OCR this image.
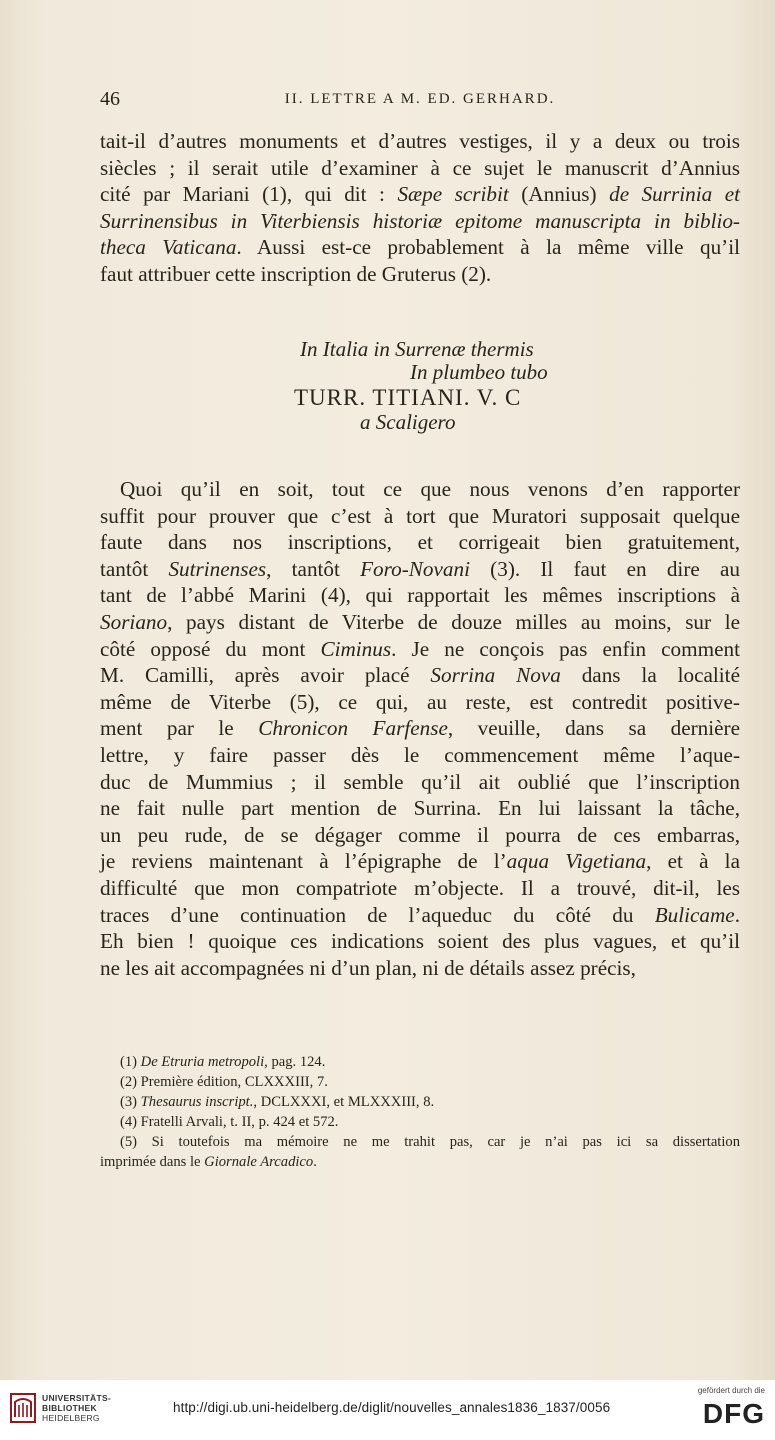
46	II. LETTRE A M. ED. GERHARD.
tait-il d’autres monuments et d’autres vestiges, il y a deux ou trois
siècles ; il serait utile d’examiner à ce sujet le manuscrit d’Annius
cité par Mariani (1), qui dit : Sæpe scribit (Annius) de Surrinia et
Surrinensibus in Viterbiensis historiæ epitome manuscripta in biblio-
theca Vaticana. Aussi est-ce probablement à la même ville qu’il
faut attribuer cette inscription de Gruterus (2).
In Italia in Surrenæ thermis
In plumbeo tubo
TURR. TITIANI. V. C
a Scaligero
Quoi qu’il en soit, tout ce que nous venons d’en rapporter
suffit pour prouver que c’est à tort que Muratori supposait quelque
faute dans nos inscriptions, et corrigeait bien gratuitement,
tantôt Sutrinenses, tantôt Foro-Novani (3). Il faut en dire au
tant de l’abbé Marini (4), qui rapportait les mêmes inscriptions à
Soriano, pays distant de Viterbe de douze milles au moins, sur le
côté opposé du mont Ciminus. Je ne conçois pas enfin comment
M. Camilli, après avoir placé Sorrina Nova dans la localité
même de Viterbe (5), ce qui, au reste, est contredit positive-
ment par le Chronicon Farfense, veuille, dans sa dernière
lettre, y faire passer dès le commencement même l’aque-
duc de Mummius ; il semble qu’il ait oublié que l’inscription
ne fait nulle part mention de Surrina. En lui laissant la tâche,
un peu rude, de se dégager comme il pourra de ces embarras,
je reviens maintenant à l’épigraphe de l’aqua Vigetiana, et à la
difficulté que mon compatriote m’objecte. Il a trouvé, dit-il, les
traces d’une continuation de l’aqueduc du côté du Bulicame.
Eh bien ! quoique ces indications soient des plus vagues, et qu’il
ne les ait accompagnées ni d’un plan, ni de détails assez précis,
(1) De Etruria metropoli, pag. 124.
(2) Première édition, CLXXXIII, 7.
(3) Thesaurus inscript., DCLXXXI, et MLXXXIII, 8.
(4) Fratelli Arvali, t. II, p. 424 et 572.
(5) Si toutefois ma mémoire ne me trahit pas, car je n’ai pas ici sa dissertation
imprimée dans le Giornale Arcadico.
UNIVERSITÄTS-
BIBLIOTHEK
HEIDELBERG
http://digi.ub.uni-heidelberg.de/diglit/nouvelles_annales1836_1837/0056
gefördert durch die
DFG
